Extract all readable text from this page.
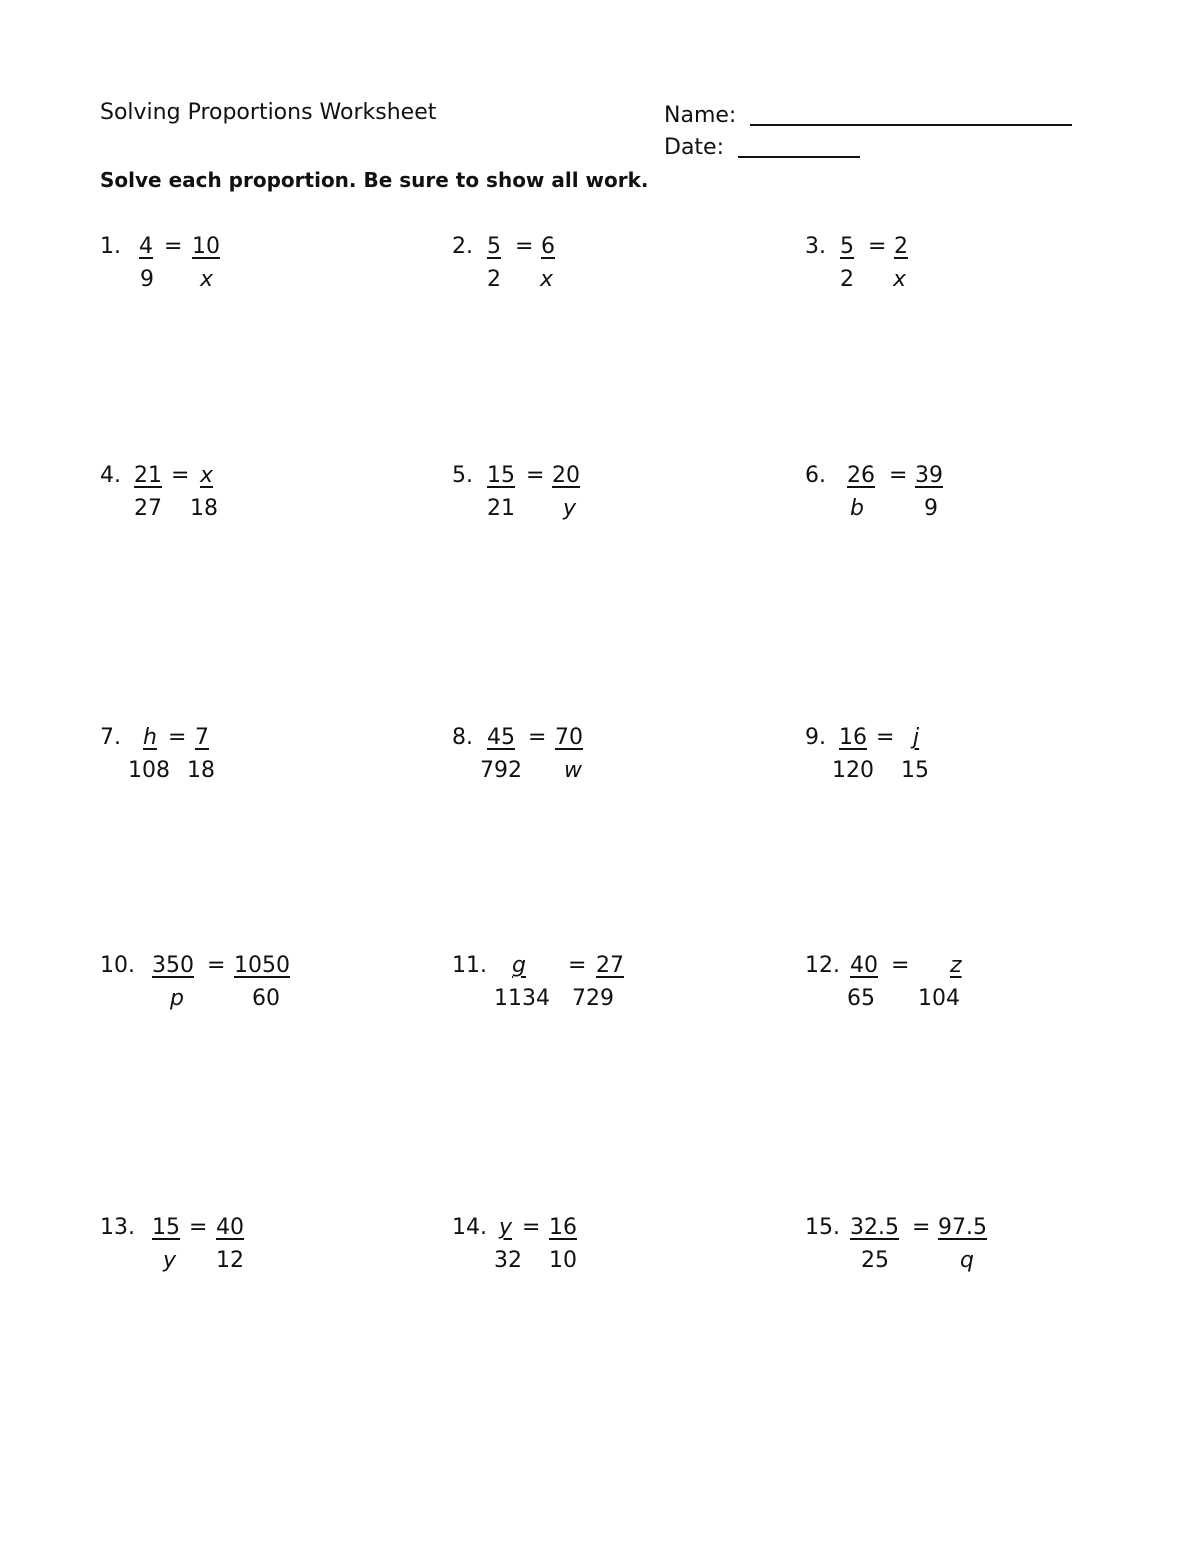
Solving Proportions Worksheet	Name:
Date:
Solve each proportion. Be sure to show all work.
1. 4 = 10
9 x
2. 5 = 6
2 x
3. 5 = 2
2 x
4. 21 = x
27 18
5. 15 = 20
21 y
6. 26 = 39
b	9
7. h = 7
108 18
8. 45 = 70
792 w
9. 16 = j
120 15
10. 350 = 1050
p	60
11.	g	= 27
1134 729
12. 40 =	z
65 104
13. 15 = 40
y 12
14. y = 16
32 10
15. 32.5 = 97.5
25	q
